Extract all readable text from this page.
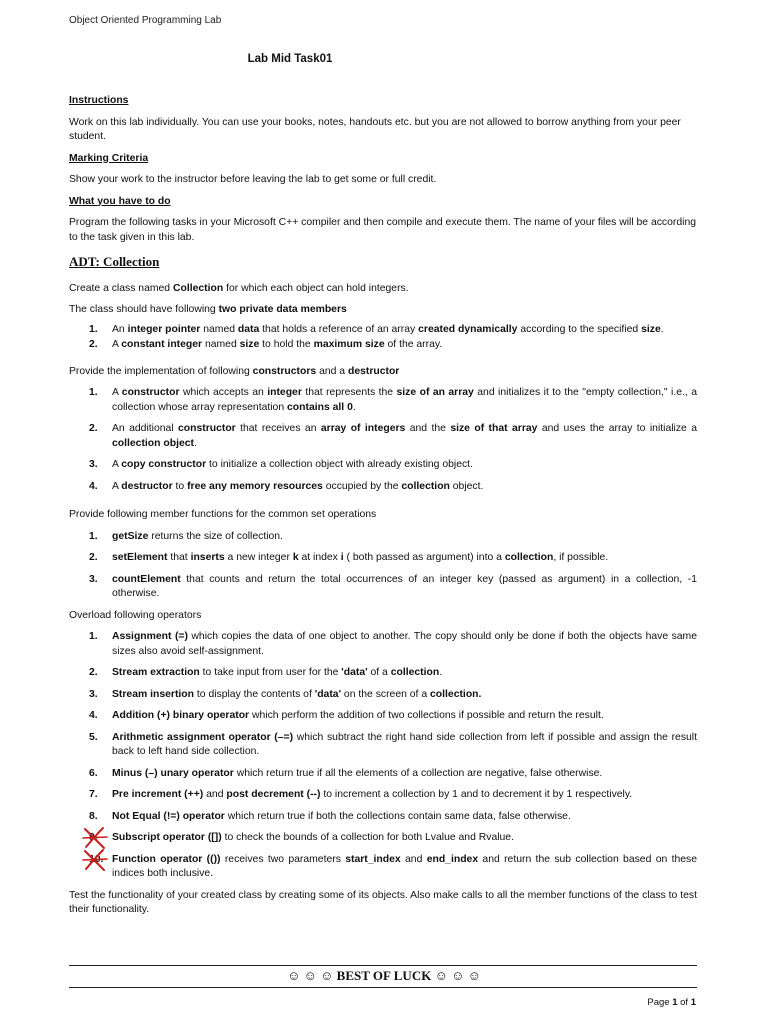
Object Oriented Programming Lab
Lab Mid Task01
Instructions

Work on this lab individually. You can use your books, notes, handouts etc. but you are not allowed to borrow anything from your peer student.

Marking Criteria

Show your work to the instructor before leaving the lab to get some or full credit.

What you have to do

Program the following tasks in your Microsoft C++ compiler and then compile and execute them. The name of your files will be according to the task given in this lab.

ADT: Collection

Create a class named Collection for which each object can hold integers.

The class should have following two private data members

1. An integer pointer named data that holds a reference of an array created dynamically according to the specified size.
2. A constant integer named size to hold the maximum size of the array.

Provide the implementation of following constructors and a destructor

1. A constructor which accepts an integer that represents the size of an array and initializes it to the "empty collection," i.e., a collection whose array representation contains all 0.
2. An additional constructor that receives an array of integers and the size of that array and uses the array to initialize a collection object.
3. A copy constructor to initialize a collection object with already existing object.
4. A destructor to free any memory resources occupied by the collection object.

Provide following member functions for the common set operations

1. getSize returns the size of collection.
2. setElement that inserts a new integer k at index i ( both passed as argument) into a collection, if possible.
3. countElement that counts and return the total occurrences of an integer key (passed as argument) in a collection, -1 otherwise.

Overload following operators

1. Assignment (=) which copies the data of one object to another. The copy should only be done if both the objects have same sizes also avoid self-assignment.
2. Stream extraction to take input from user for the 'data' of a collection.
3. Stream insertion to display the contents of 'data' on the screen of a collection.
4. Addition (+) binary operator which perform the addition of two collections if possible and return the result.
5. Arithmetic assignment operator (–=) which subtract the right hand side collection from left if possible and assign the result back to left hand side collection.
6. Minus (–) unary operator which return true if all the elements of a collection are negative, false otherwise.
7. Pre increment (++) and post decrement (--) to increment a collection by 1 and to decrement it by 1 respectively.
8. Not Equal (!=) operator which return true if both the collections contain same data, false otherwise.
9. Subscript operator ([]) to check the bounds of a collection for both Lvalue and Rvalue.
10. Function operator (()) receives two parameters start_index and end_index and return the sub collection based on these indices both inclusive.

Test the functionality of your created class by creating some of its objects. Also make calls to all the member functions of the class to test their functionality.

☺ ☺ ☺ BEST OF LUCK ☺ ☺ ☺
Page 1 of 1
